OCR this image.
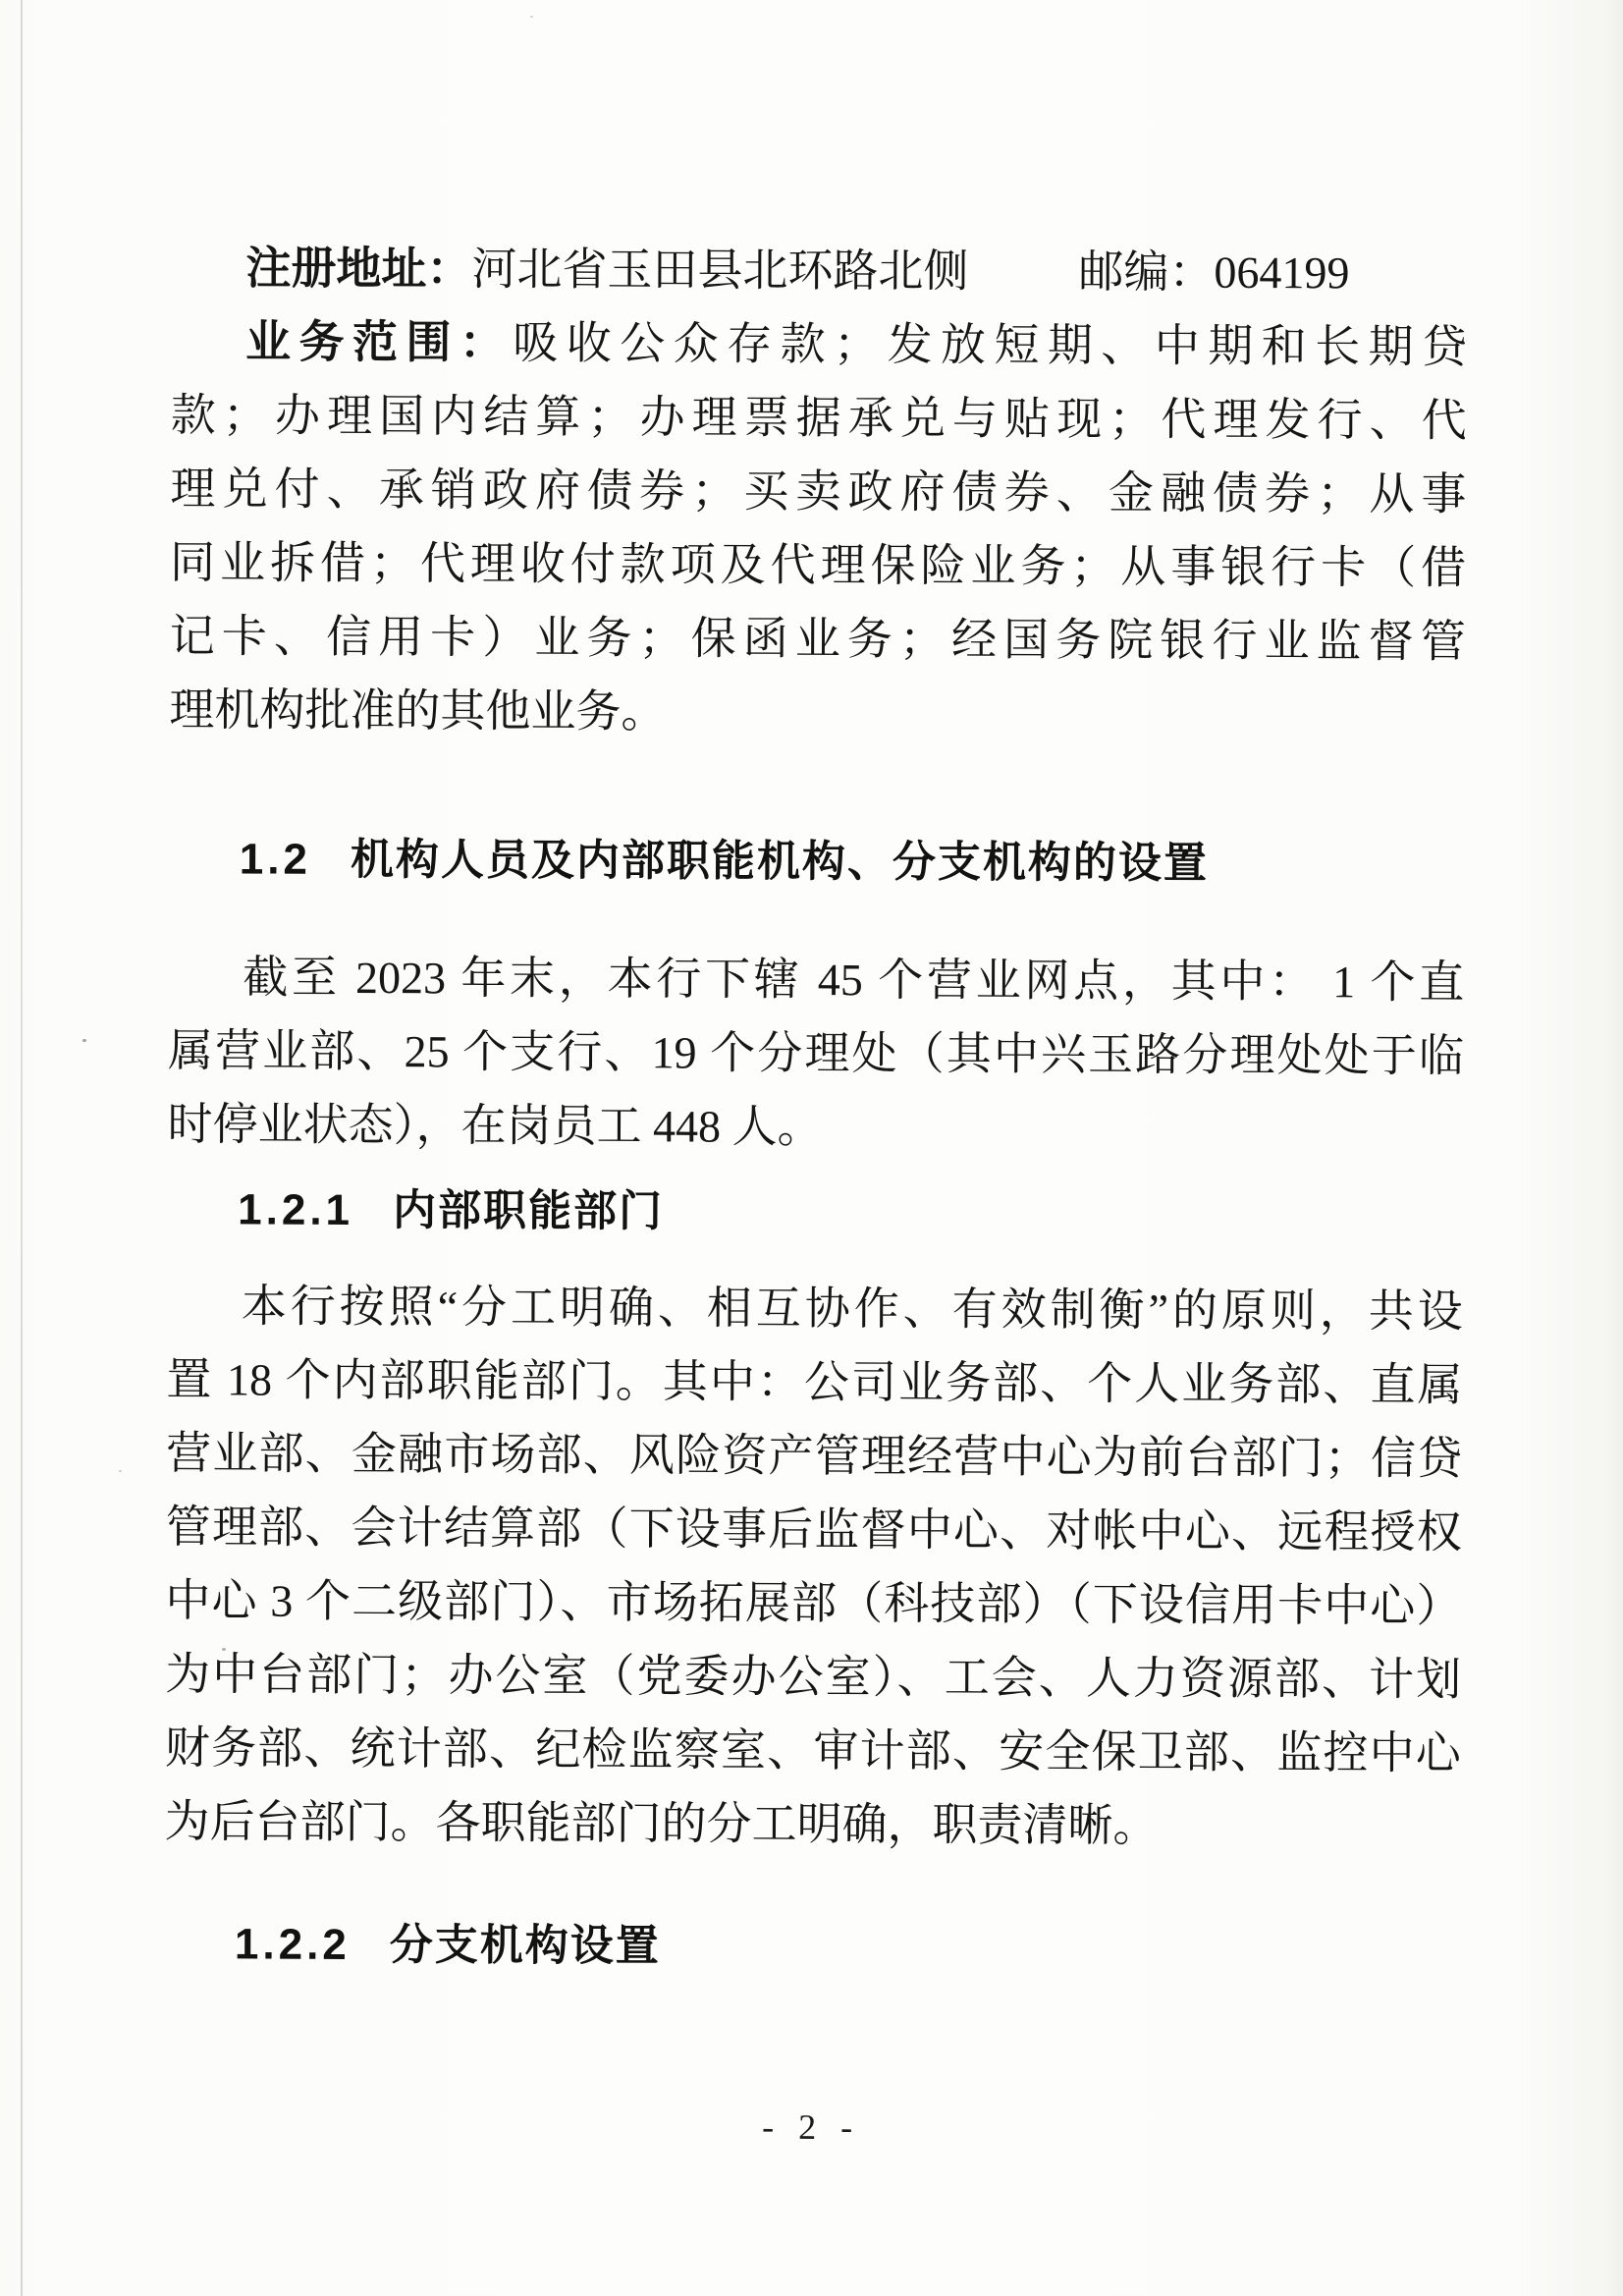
注册地址：河北省玉田县北环路北侧 邮编：064199
业务范围：吸收公众存款；发放短期、中期和长期贷
款；办理国内结算；办理票据承兑与贴现；代理发行、代
理兑付、承销政府债券；买卖政府债券、金融债券；从事
同业拆借；代理收付款项及代理保险业务；从事银行卡（借
记卡、信用卡）业务；保函业务；经国务院银行业监督管
理机构批准的其他业务。
1.2 机构人员及内部职能机构、分支机构的设置
截至 2023 年末，本行下辖 45 个营业网点，其中： 1 个直
属营业部、25 个支行、19 个分理处（其中兴玉路分理处处于临
时停业状态），在岗员工 448 人。
1.2.1 内部职能部门
本行按照“分工明确、相互协作、有效制衡”的原则，共设
置 18 个内部职能部门。其中：公司业务部、个人业务部、直属
营业部、金融市场部、风险资产管理经营中心为前台部门；信贷
管理部、会计结算部（下设事后监督中心、对帐中心、远程授权
中心 3 个二级部门）、市场拓展部（科技部）（下设信用卡中心）
为中台部门；办公室（党委办公室）、工会、人力资源部、计划
财务部、统计部、纪检监察室、审计部、安全保卫部、监控中心
为后台部门。各职能部门的分工明确，职责清晰。
1.2.2 分支机构设置
- 2 -
